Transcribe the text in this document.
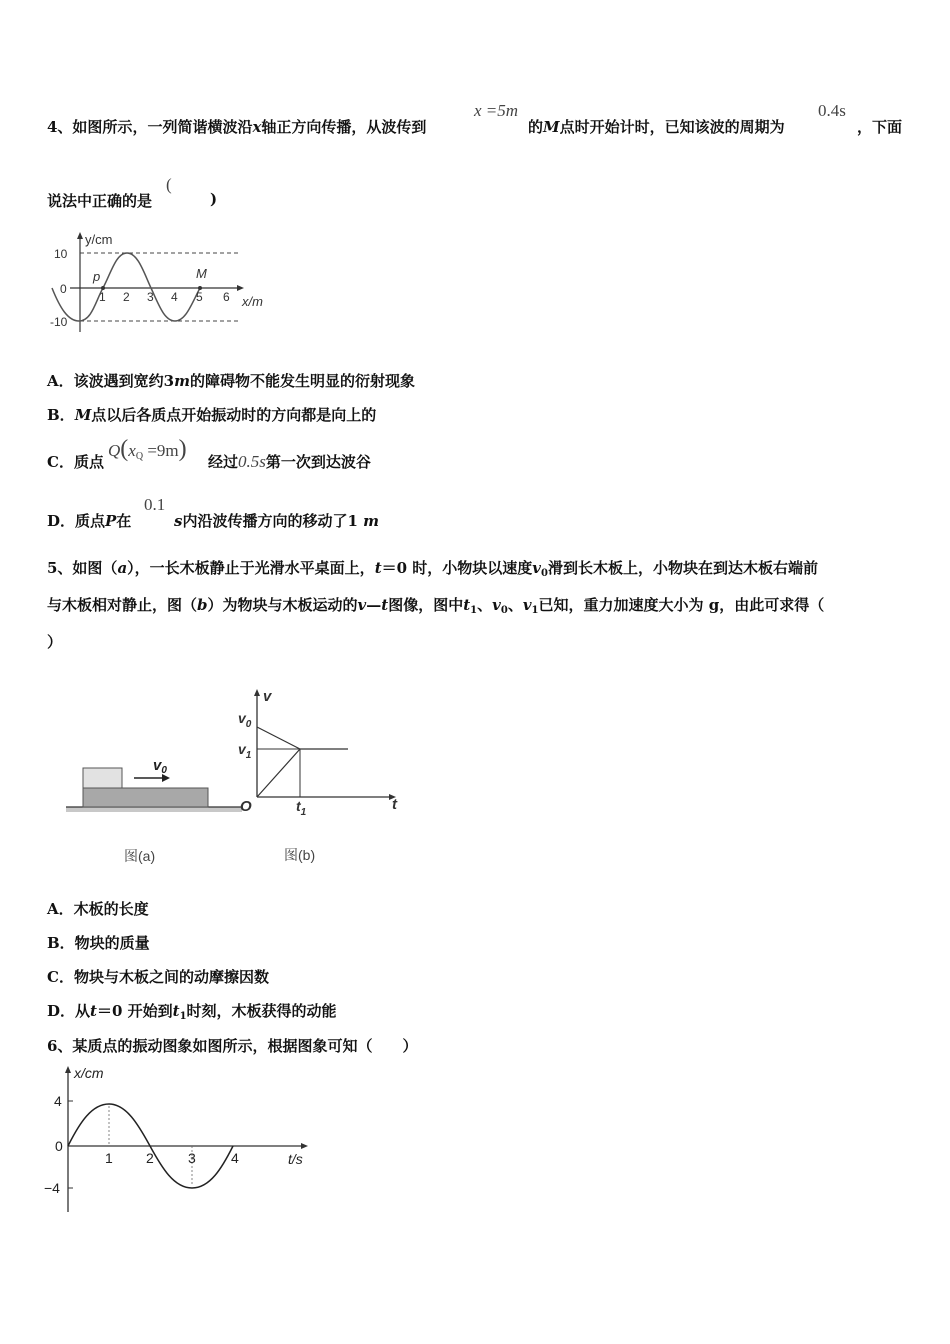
4、如图所示，一列简谐横波沿x轴正方向传播，从波传到
x =5m
的M点时开始计时，已知该波的周期为
0.4s
，下面
说法中正确的是
(
)
y/cm
x/m
10
0
-10
1 2 3 4 5 6
p	M
A．该波遇到宽约3m的障碍物不能发生明显的衍射现象
B．M点以后各质点开始振动时的方向都是向上的
C．质点
$Q(x_Q =9m)$ 经过0.5s第一次到达波谷
D．质点P在
0.1
s内沿波传播方向的移动了1 m
5、如图（a），一长木板静止于光滑水平桌面上，t＝0 时，小物块以速度$v_0$滑到长木板上，小物块在到达木板右端前
与木板相对静止，图（b）为物块与木板运动的v—t图像，图中$t_1$、$v_0$、$v_1$已知，重力加速度大小为 g，由此可求得（
）
$v_0$
图(a)
v
t
$v_0$
$v_1$
$t_1$
O
图(b)
A．木板的长度
B．物块的质量
C．物块与木板之间的动摩擦因数
D．从t＝0 开始到$t_1$时刻，木板获得的动能
6、某质点的振动图象如图所示，根据图象可知（　　）
x/cm
t/s
4
0
−4
1 2 3	4
